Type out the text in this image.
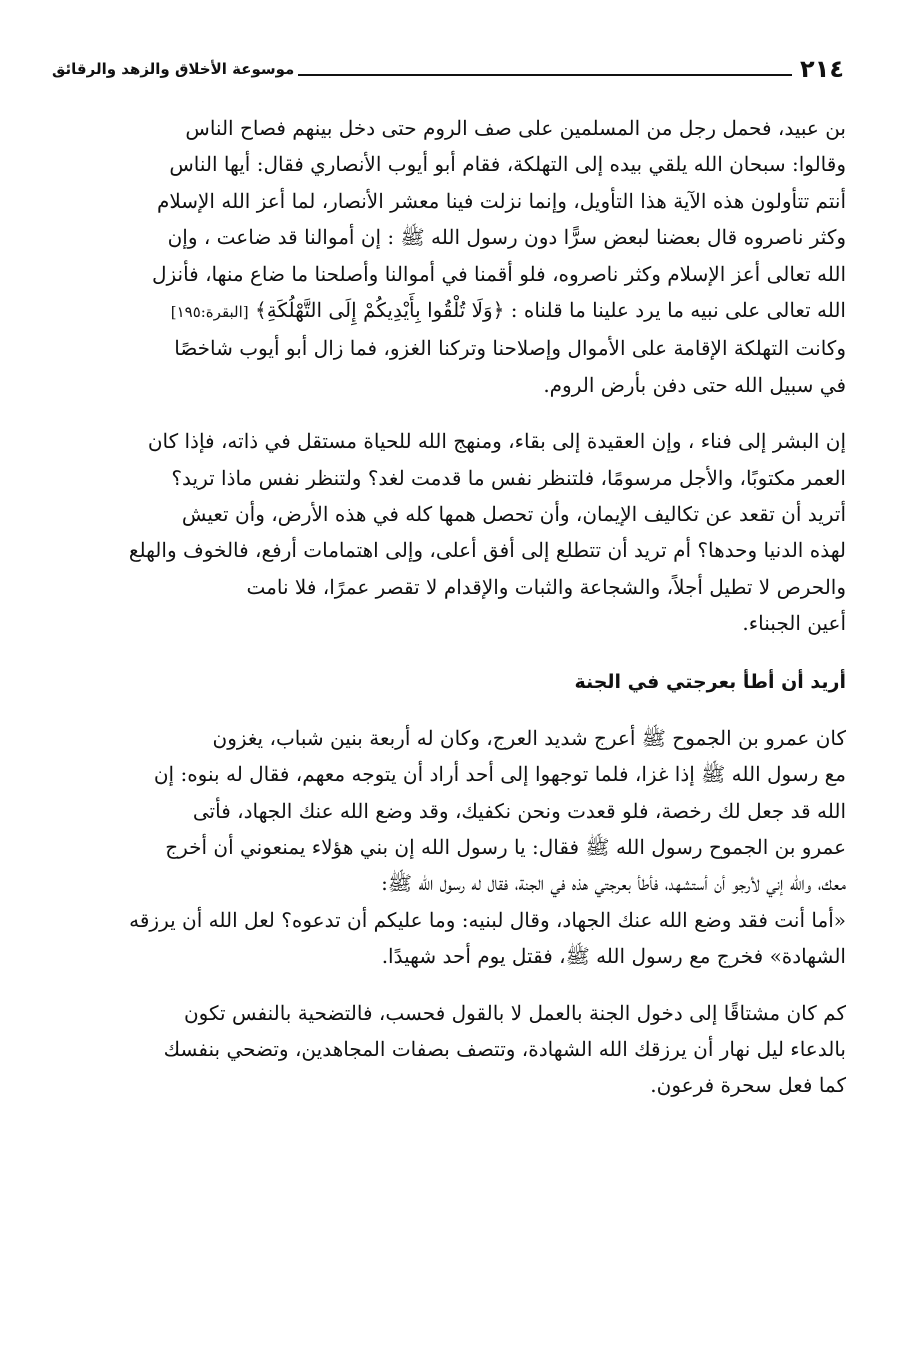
٢١٤
موسوعة الأخلاق والزهد والرقائق

بن عبيد، فحمل رجل من المسلمين على صف الروم حتى دخل بينهم فصاح الناس
وقالوا: سبحان الله يلقي بيده إلى التهلكة، فقام أبو أيوب الأنصاري فقال: أيها الناس
أنتم تتأولون هذه الآية هذا التأويل، وإنما نزلت فينا معشر الأنصار، لما أعز الله الإسلام
وكثر ناصروه قال بعضنا لبعض سرًّا دون رسول الله ﷺ : إن أموالنا قد ضاعت ، وإن
الله تعالى أعز الإسلام وكثر ناصروه، فلو أقمنا في أموالنا وأصلحنا ما ضاع منها، فأنزل
الله تعالى على نبيه ما يرد علينا ما قلناه : ﴿وَلَا تُلْقُوا بِأَيْدِيكُمْ إِلَى التَّهْلُكَةِ﴾ [البقرة:١٩٥]
وكانت التهلكة الإقامة على الأموال وإصلاحنا وتركنا الغزو، فما زال أبو أيوب شاخصًا
في سبيل الله حتى دفن بأرض الروم.

إن البشر إلى فناء ، وإن العقيدة إلى بقاء، ومنهج الله للحياة مستقل في ذاته، فإذا كان
العمر مكتوبًا، والأجل مرسومًا، فلتنظر نفس ما قدمت لغد؟ ولتنظر نفس ماذا تريد؟
أتريد أن تقعد عن تكاليف الإيمان، وأن تحصل همها كله في هذه الأرض، وأن تعيش
لهذه الدنيا وحدها؟ أم تريد أن تتطلع إلى أفق أعلى، وإلى اهتمامات أرفع، فالخوف والهلع
والحرص لا تطيل أجلاً، والشجاعة والثبات والإقدام لا تقصر عمرًا، فلا نامت
أعين الجبناء.

أريد أن أطأ بعرجتي في الجنة

كان عمرو بن الجموح ﷺ أعرج شديد العرج، وكان له أربعة بنين شباب، يغزون
مع رسول الله ﷺ إذا غزا، فلما توجهوا إلى أحد أراد أن يتوجه معهم، فقال له بنوه: إن
الله قد جعل لك رخصة، فلو قعدت ونحن نكفيك، وقد وضع الله عنك الجهاد، فأتى
عمرو بن الجموح رسول الله ﷺ فقال: يا رسول الله إن بني هؤلاء يمنعوني أن أخرج
معك، والله إني لأرجو أن أستشهد، فأطأ بعرجتي هذه في الجنة، فقال له رسول الله ﷺ:
«أما أنت فقد وضع الله عنك الجهاد، وقال لبنيه: وما عليكم أن تدعوه؟ لعل الله أن يرزقه
الشهادة» فخرج مع رسول الله ﷺ، فقتل يوم أحد شهيدًا.

كم كان مشتاقًا إلى دخول الجنة بالعمل لا بالقول فحسب، فالتضحية بالنفس تكون
بالدعاء ليل نهار أن يرزقك الله الشهادة، وتتصف بصفات المجاهدين، وتضحي بنفسك
كما فعل سحرة فرعون.
